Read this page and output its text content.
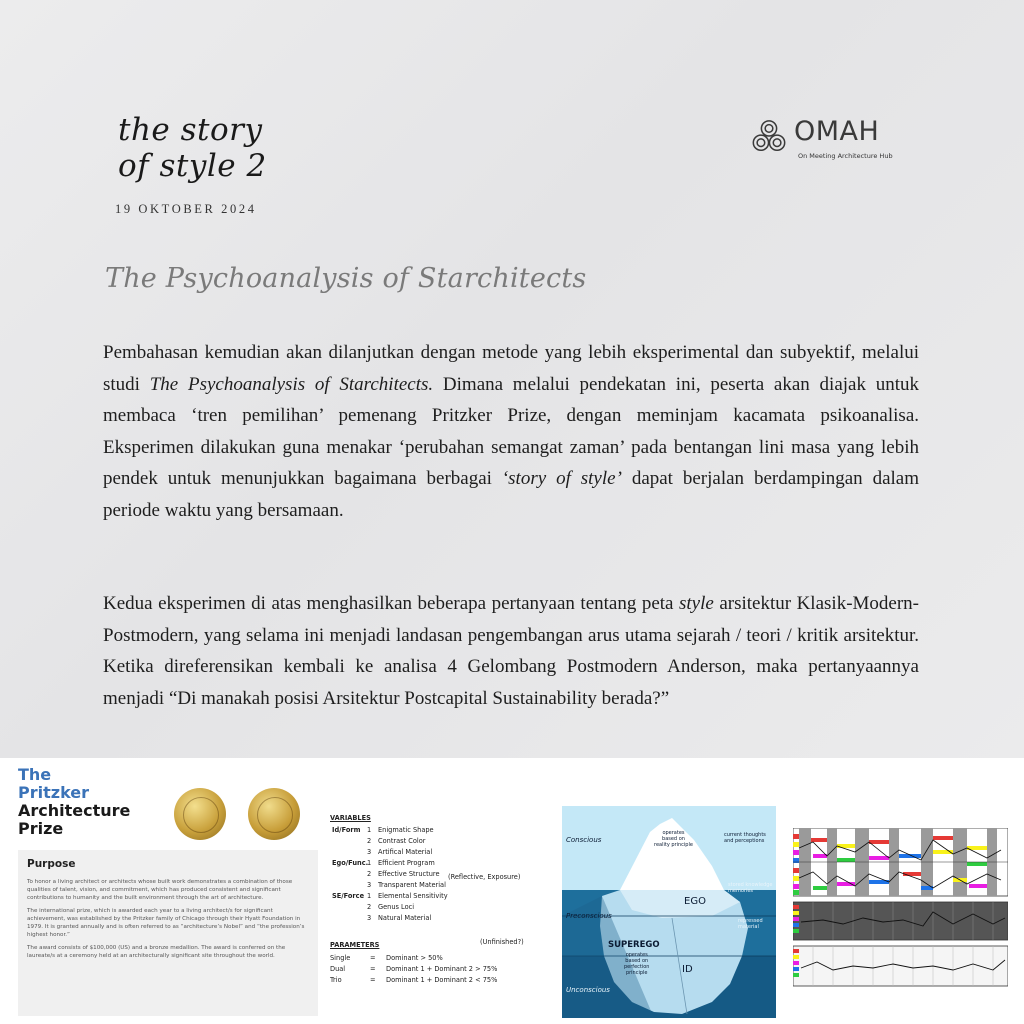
the story
of style 2
19 OKTOBER 2024
OMAH
On Meeting Architecture Hub
The Psychoanalysis of Starchitects
Pembahasan kemudian akan dilanjutkan dengan metode yang lebih eksperimental dan subyektif, melalui studi The Psychoanalysis of Starchitects. Dimana melalui pendekatan ini, peserta akan diajak untuk membaca ‘tren pemilihan’ pemenang Pritzker Prize, dengan meminjam kacamata psikoanalisa. Eksperimen dilakukan guna menakar ‘perubahan semangat zaman’ pada bentangan lini masa yang lebih pendek untuk menunjukkan bagaimana berbagai ‘story of style’ dapat berjalan berdampingan dalam periode waktu yang bersamaan.
Kedua eksperimen di atas menghasilkan beberapa pertanyaan tentang peta style arsitektur Klasik-Modern-Postmodern, yang selama ini menjadi landasan pengembangan arus utama sejarah / teori / kritik arsitektur. Ketika direferensikan kembali ke analisa 4 Gelombang Postmodern Anderson, maka pertanyaannya menjadi “Di manakah posisi Arsitektur Postcapital Sustainability berada?”
The
Pritzker
Architecture
Prize
Purpose
To honor a living architect or architects whose built work demonstrates a combination of those qualities of talent, vision, and commitment, which has produced consistent and significant contributions to humanity and the built environment through the art of architecture.
The international prize, which is awarded each year to a living architect/s for significant achievement, was established by the Pritzker family of Chicago through their Hyatt Foundation in 1979. It is granted annually and is often referred to as “architecture’s Nobel” and “the profession’s highest honor.”
The award consists of $100,000 (US) and a bronze medallion. The award is conferred on the laureate/s at a ceremony held at an architecturally significant site throughout the world.
VARIABLES
Id/Form 1 Enigmatic Shape
2 Contrast Color
3 Artifical Material
Ego/Func.
1 Efficient Program
2 Effective Structure
3 Transparent Material
SE/Force 1 Elemental Sensitivity
2 Genus Loci
3 Natural Material
(Reflective, Exposure)
(Unfinished?)
PARAMETERS
Single	= Dominant > 50%
Dual	= Dominant 1 + Dominant 2 > 75%
Trio	= Dominant 1 + Dominant 2 < 75%
Conscious
Preconscious
Unconscious
EGO
SUPEREGO
ID
operates
based on
reality principle
operates
based on
perfection
principle
current thoughts
and perceptions
stored knowledge
memories
repressed
material
